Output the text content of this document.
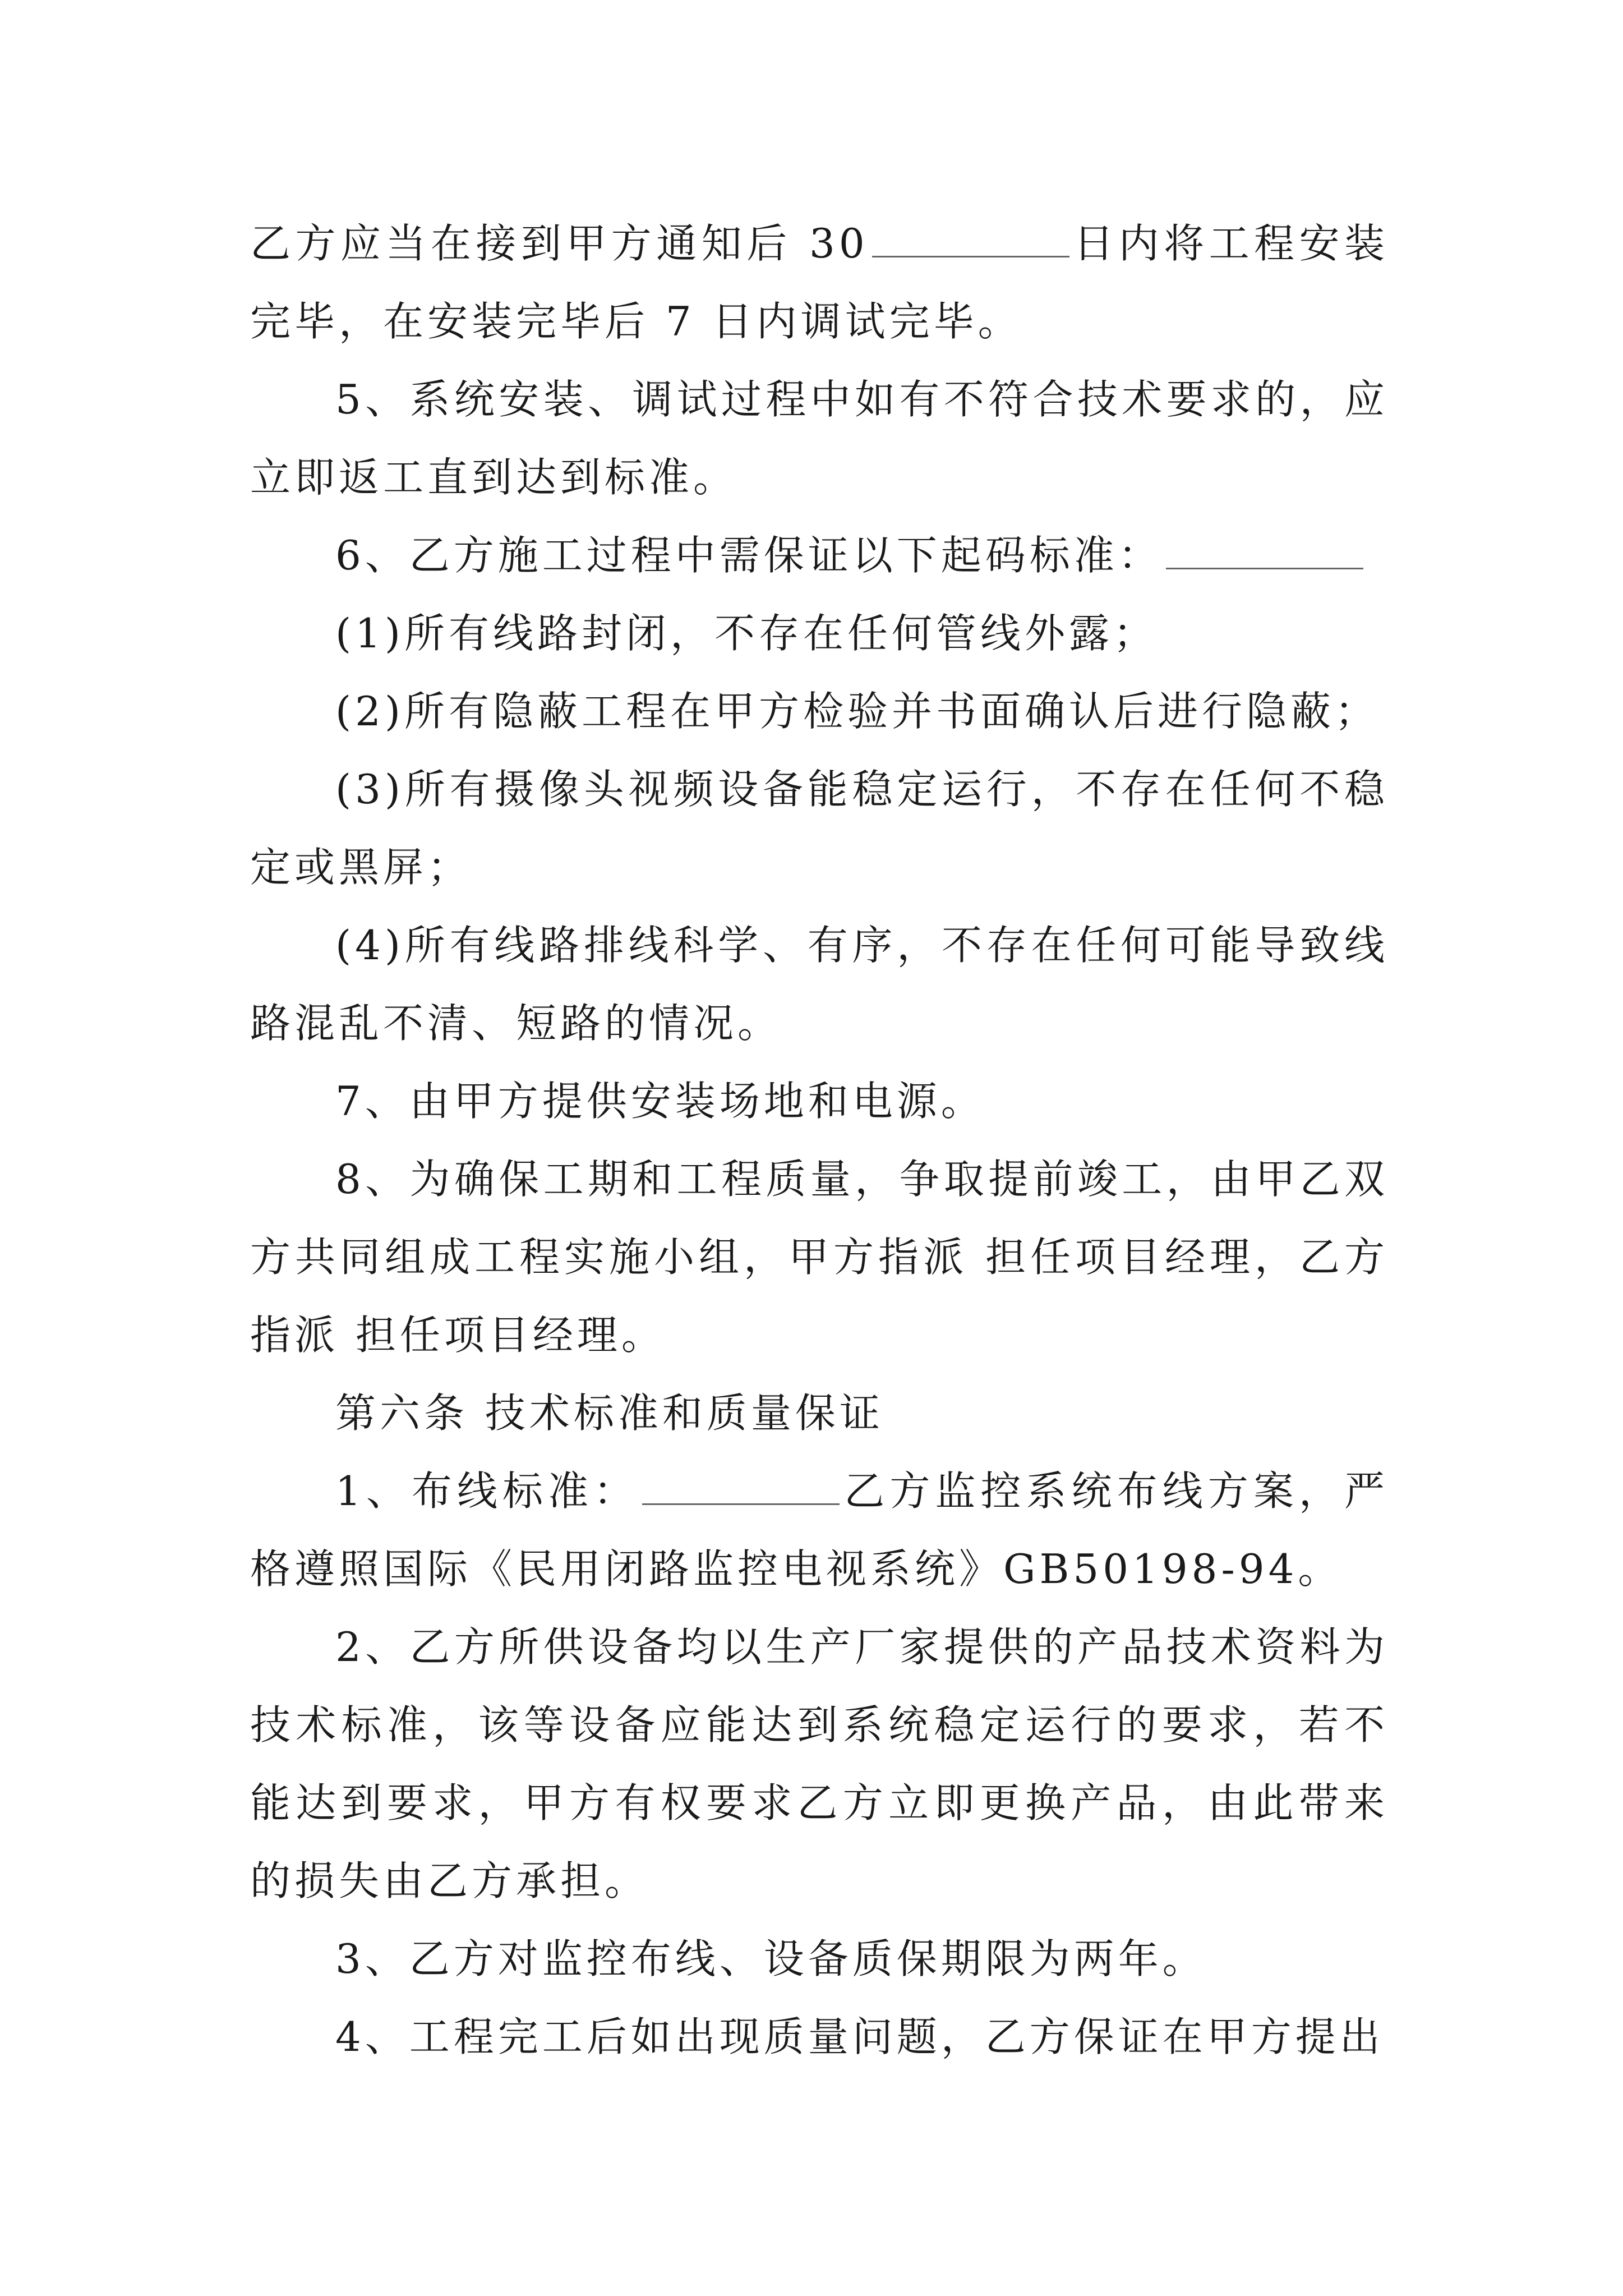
乙方应当在接到甲方通知后 30	日内将工程安装完毕，在安装完毕后 7 日内调试完毕。

5、系统安装、调试过程中如有不符合技术要求的，应立即返工直到达到标准。

6、乙方施工过程中需保证以下起码标准：

(1)所有线路封闭，不存在任何管线外露；

(2)所有隐蔽工程在甲方检验并书面确认后进行隐蔽；

(3)所有摄像头视频设备能稳定运行，不存在任何不稳定或黑屏；

(4)所有线路排线科学、有序，不存在任何可能导致线路混乱不清、短路的情况。

7、由甲方提供安装场地和电源。

8、为确保工期和工程质量，争取提前竣工，由甲乙双方共同组成工程实施小组，甲方指派 担任项目经理，乙方指派 担任项目经理。

第六条 技术标准和质量保证

1、布线标准：	乙方监控系统布线方案，严格遵照国际《民用闭路监控电视系统》GB50198-94。

2、乙方所供设备均以生产厂家提供的产品技术资料为技术标准，该等设备应能达到系统稳定运行的要求，若不能达到要求，甲方有权要求乙方立即更换产品，由此带来的损失由乙方承担。

3、乙方对监控布线、设备质保期限为两年。

4、工程完工后如出现质量问题，乙方保证在甲方提出
